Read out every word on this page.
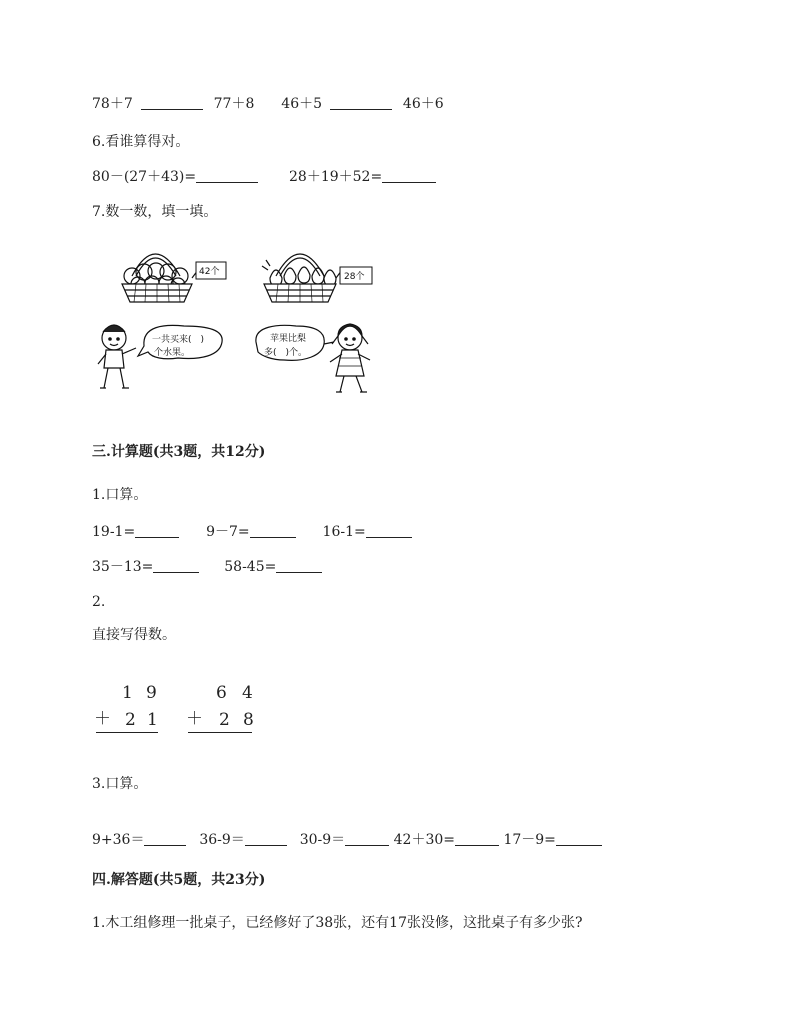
78＋7	77＋8 46＋5	46＋6
6.看谁算得对。
80－(27＋43)=	28＋19＋52=
7.数一数，填一填。
42个	28个
一共买来(　)
个水果。
苹果比梨
多(　)个。
三.计算题(共3题，共12分)
1.口算。
19-1=	9－7=	16-1=
35－13=	58-45=
2.
直接写得数。
1 9
＋ 2 1
6 4
＋ 2 8
3.口算。
9+36＝	36-9＝	30-9＝	42＋30=	17－9=
四.解答题(共5题，共23分)
1.木工组修理一批桌子，已经修好了38张，还有17张没修，这批桌子有多少张?
